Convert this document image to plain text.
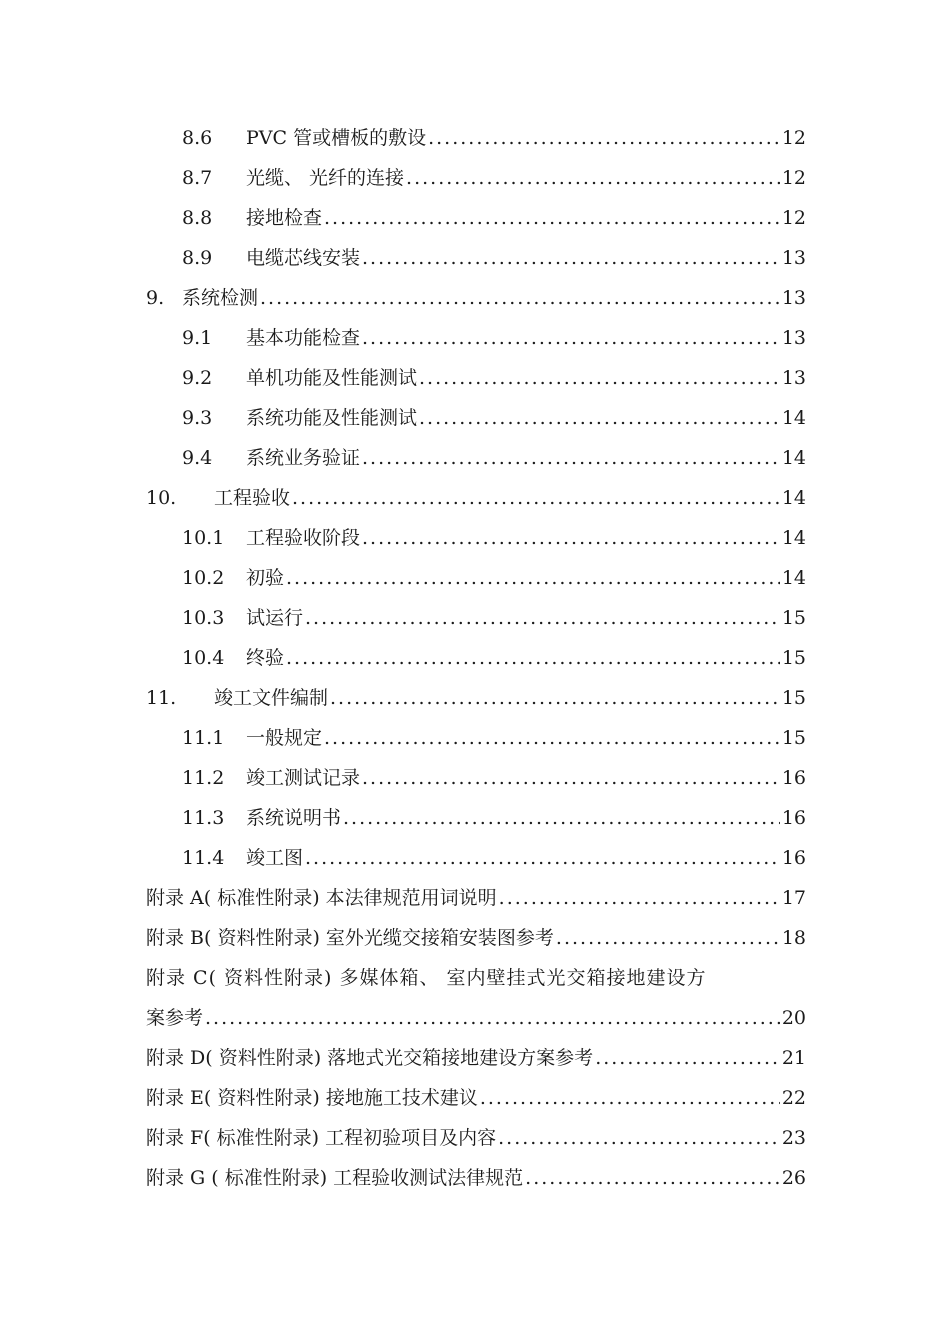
8.6	PVC 管或槽板的敷设 .....	12
8.7	光缆、 光纤的连接 .....	12
8.8	接地检查 .....	12
8.9	电缆芯线安装 .....	13
9. 系统检测 .....	13
9.1	基本功能检查 .....	13
9.2	单机功能及性能测试 .....	13
9.3	系统功能及性能测试 .....	14
9.4	系统业务验证 .....	14
10.	工程验收 .....	14
10.1	工程验收阶段 .....	14
10.2	初验 .....	14
10.3	试运行 .....	15
10.4	终验 .....	15
11.	竣工文件编制 .....	15
11.1	一般规定 .....	15
11.2	竣工测试记录 .....	16
11.3	系统说明书 .....	16
11.4	竣工图 .....	16
附录 A( 标准性附录) 本法律规范用词说明 .....	17
附录 B( 资料性附录) 室外光缆交接箱安装图参考 .....	18
附录 C( 资料性附录) 多媒体箱、 室内壁挂式光交箱接地建设方
案参考 .....	20
附录 D( 资料性附录) 落地式光交箱接地建设方案参考 .....	21
附录 E( 资料性附录) 接地施工技术建议 .....	22
附录 F( 标准性附录) 工程初验项目及内容 .....	23
附录 G ( 标准性附录) 工程验收测试法律规范 .....	26
